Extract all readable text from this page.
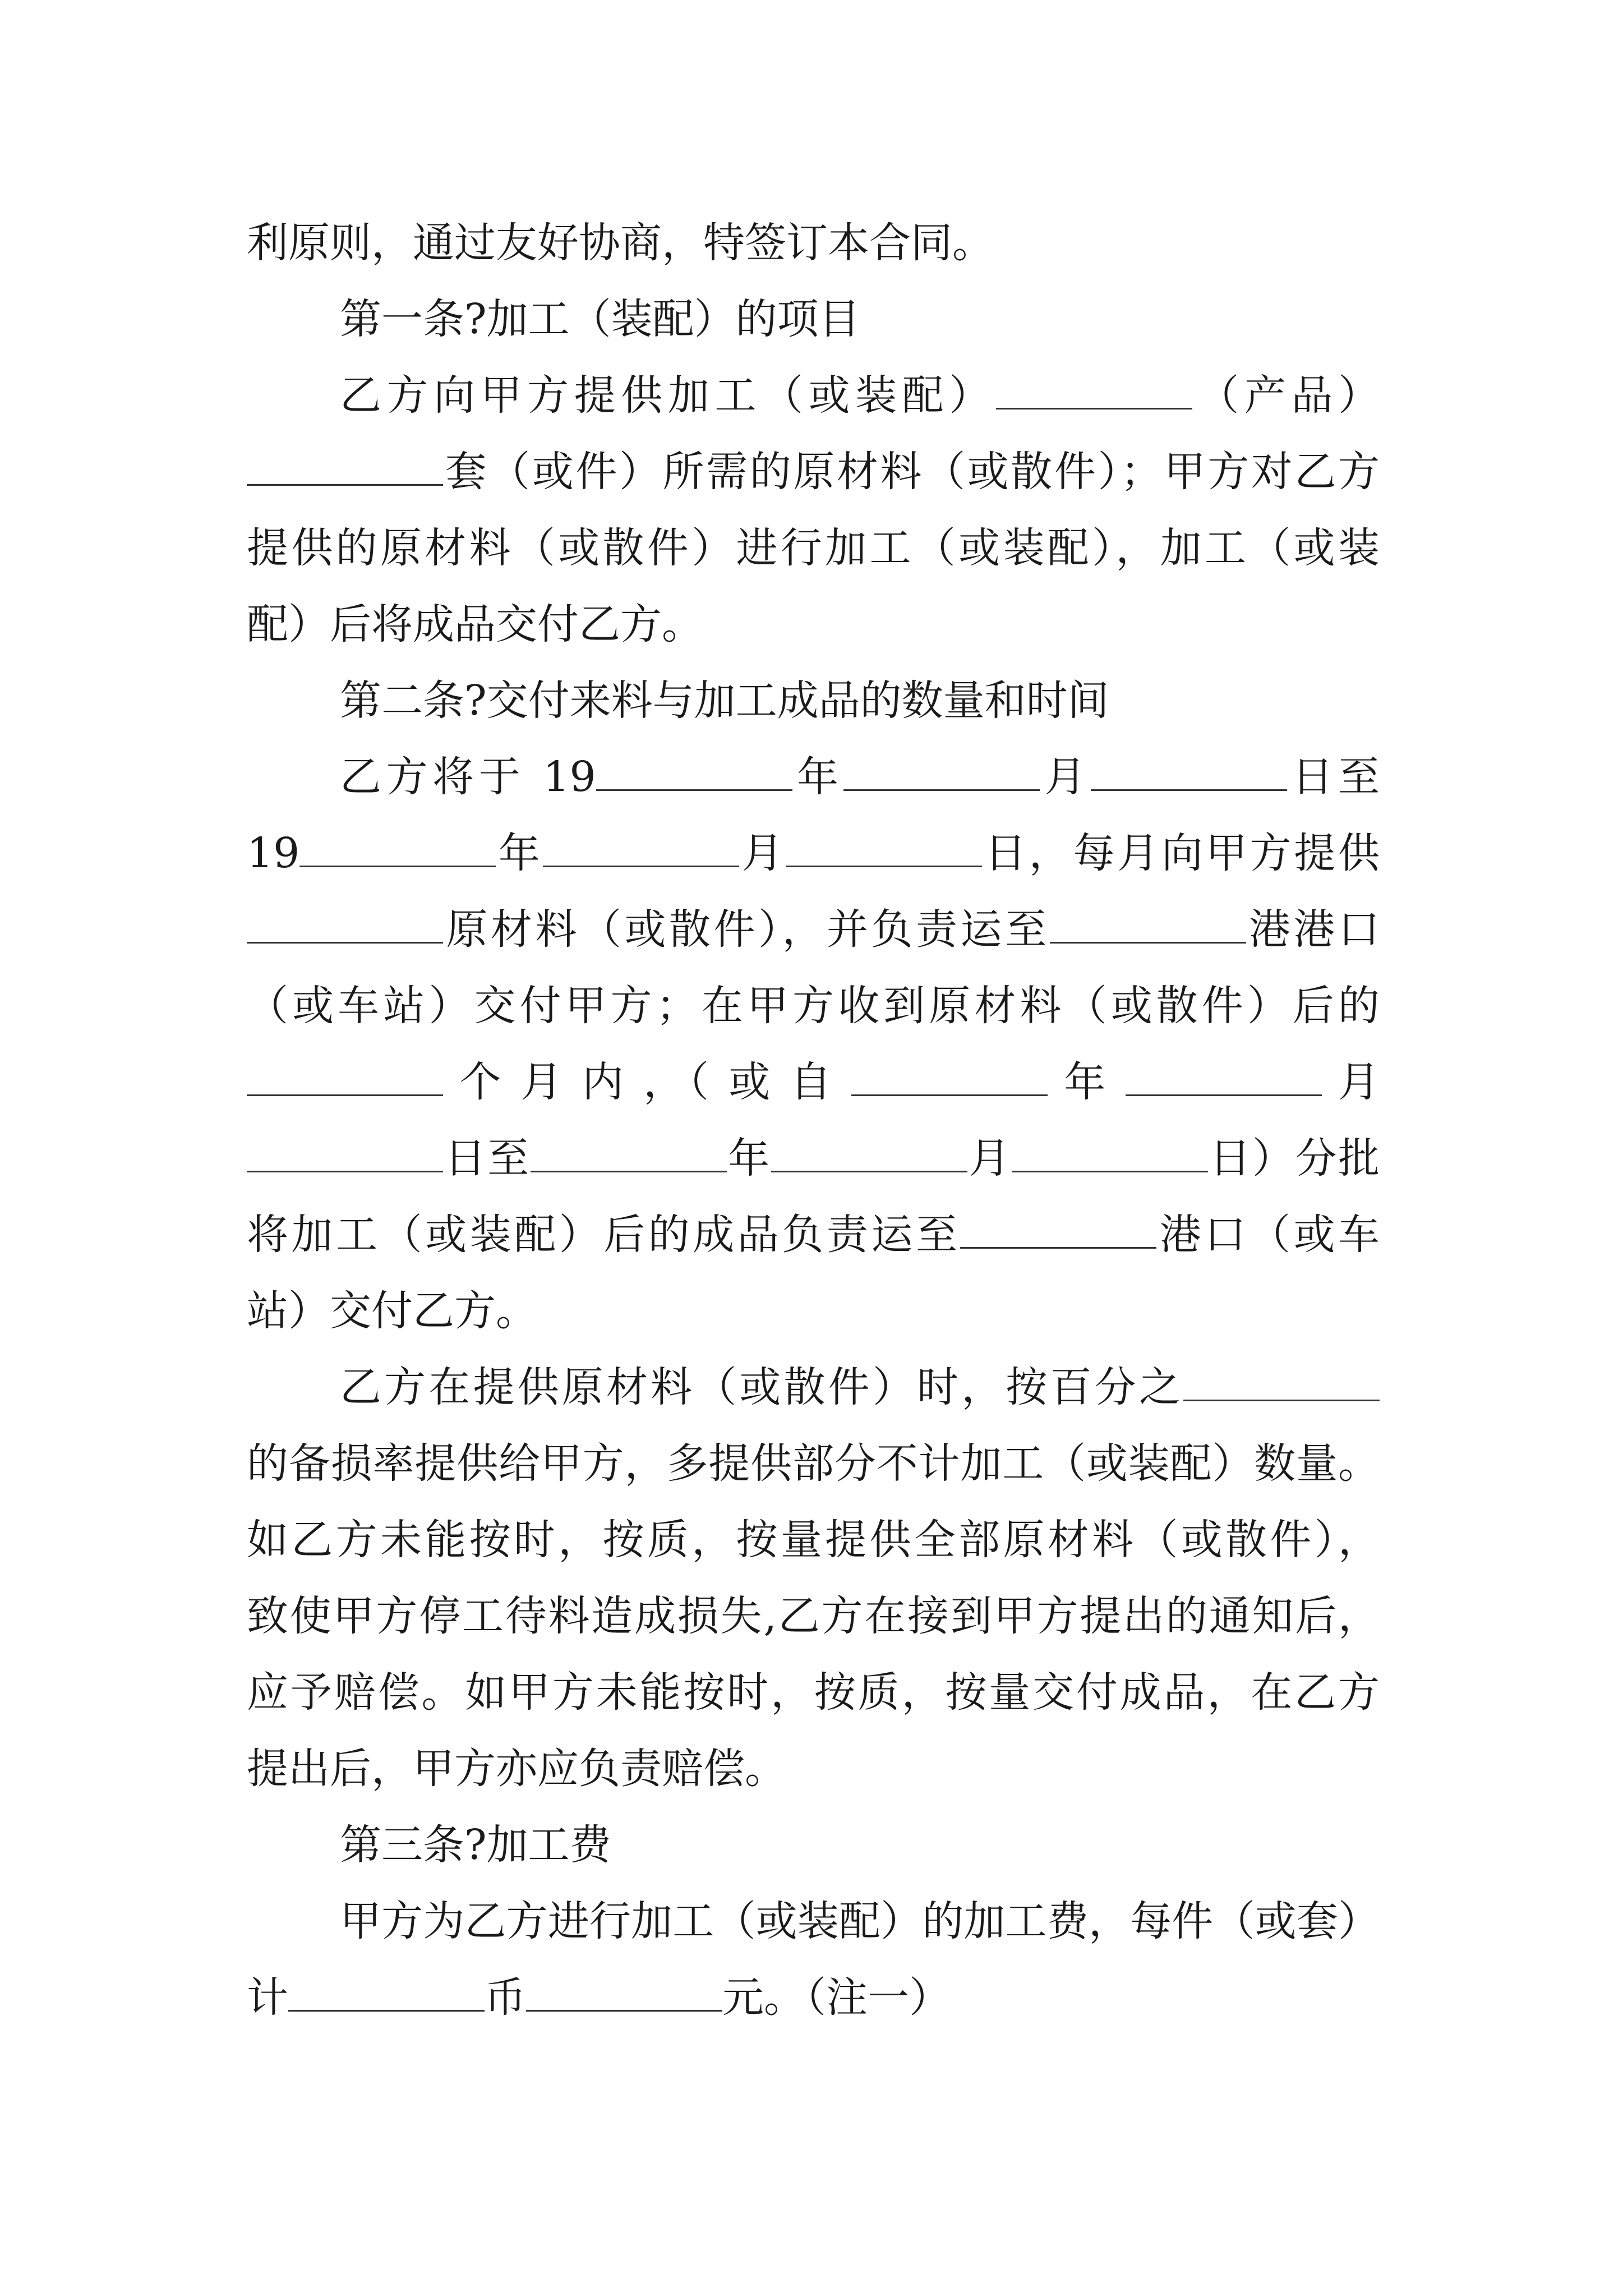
利原则，通过友好协商，特签订本合同。
第一条?加工（装配）的项目
乙方向甲方提供加工（或装配）	（产品）
套（或件）所需的原材料（或散件）；甲方对乙方
提供的原材料（或散件）进行加工（或装配），加工（或装
配）后将成品交付乙方。
第二条?交付来料与加工成品的数量和时间
乙方将于 19	年	月	日至
19	年	月	日，每月向甲方提供
原材料（或散件），并负责运至	港港口
（或车站）交付甲方；在甲方收到原材料（或散件）后的
个 月 内 ，（ 或 自	年	月
日至	年	月	日）分批
将加工（或装配）后的成品负责运至	港口（或车
站）交付乙方。
乙方在提供原材料（或散件）时，按百分之
的备损率提供给甲方，多提供部分不计加工（或装配）数量。
如乙方未能按时，按质，按量提供全部原材料（或散件），
致使甲方停工待料造成损失,乙方在接到甲方提出的通知后，
应予赔偿。如甲方未能按时，按质，按量交付成品，在乙方
提出后，甲方亦应负责赔偿。
第三条?加工费
甲方为乙方进行加工（或装配）的加工费，每件（或套）
计	币	元。（注一）
